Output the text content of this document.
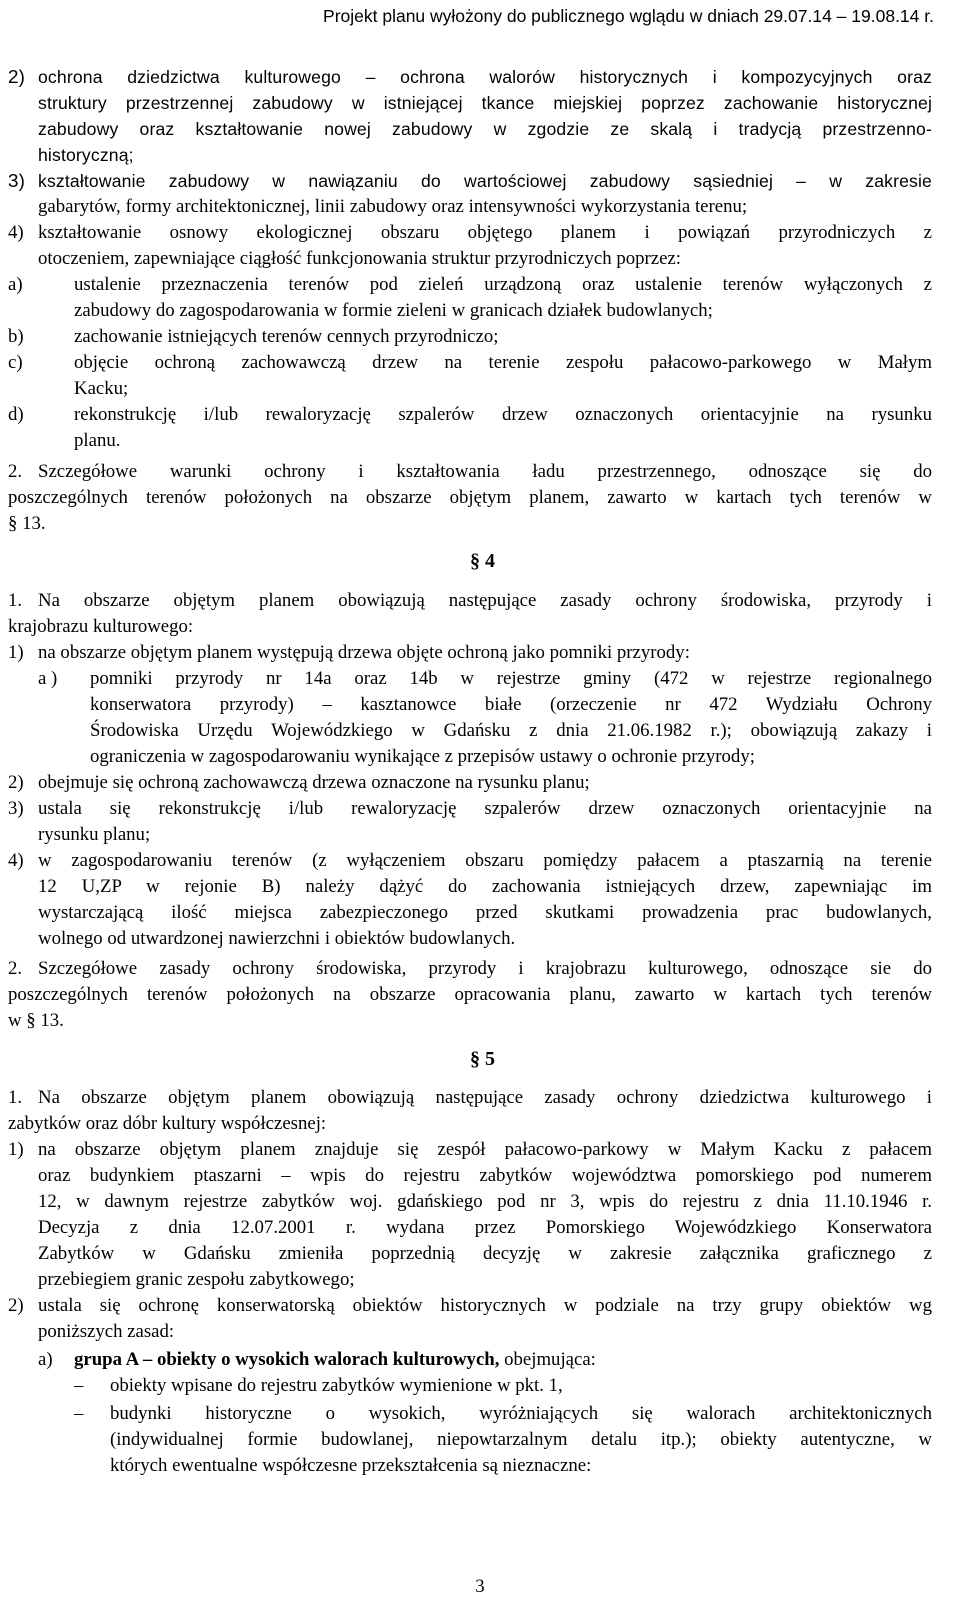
Projekt planu wyłożony do publicznego wglądu w dniach 29.07.14 – 19.08.14 r.
2) ochrona dziedzictwa kulturowego – ochrona walorów historycznych i kompozycyjnych oraz
struktury przestrzennej zabudowy w istniejącej tkance miejskiej poprzez zachowanie historycznej
zabudowy oraz kształtowanie nowej zabudowy w zgodzie ze skalą i tradycją przestrzenno-
historyczną;
3) kształtowanie zabudowy w nawiązaniu do wartościowej zabudowy sąsiedniej – w zakresie
gabarytów, formy architektonicznej, linii zabudowy oraz intensywności wykorzystania terenu;
4) kształtowanie osnowy ekologicznej obszaru objętego planem i powiązań przyrodniczych z
otoczeniem, zapewniające ciągłość funkcjonowania struktur przyrodniczych poprzez:
a)	ustalenie przeznaczenia terenów pod zieleń urządzoną oraz ustalenie terenów wyłączonych z
zabudowy do zagospodarowania w formie zieleni w granicach działek budowlanych;
b)	zachowanie istniejących terenów cennych przyrodniczo;
c)	objęcie ochroną zachowawczą drzew na terenie zespołu pałacowo-parkowego w Małym
Kacku;
d)	rekonstrukcję i/lub rewaloryzację szpalerów drzew oznaczonych orientacyjnie na rysunku
planu.
2. Szczegółowe warunki ochrony i kształtowania ładu przestrzennego, odnoszące się do
poszczególnych terenów położonych na obszarze objętym planem, zawarto w kartach tych terenów w
§ 13.
§ 4
1. Na obszarze objętym planem obowiązują następujące zasady ochrony środowiska, przyrody i
krajobrazu kulturowego:
1) na obszarze objętym planem występują drzewa objęte ochroną jako pomniki przyrody:
a ) pomniki przyrody nr 14a oraz 14b w rejestrze gminy (472 w rejestrze regionalnego
konserwatora przyrody) – kasztanowce białe (orzeczenie nr 472 Wydziału Ochrony
Środowiska Urzędu Wojewódzkiego w Gdańsku z dnia 21.06.1982 r.); obowiązują zakazy i
ograniczenia w zagospodarowaniu wynikające z przepisów ustawy o ochronie przyrody;
2) obejmuje się ochroną zachowawczą drzewa oznaczone na rysunku planu;
3) ustala się rekonstrukcję i/lub rewaloryzację szpalerów drzew oznaczonych orientacyjnie na
rysunku planu;
4) w zagospodarowaniu terenów (z wyłączeniem obszaru pomiędzy pałacem a ptaszarnią na terenie
12 U,ZP w rejonie B) należy dążyć do zachowania istniejących drzew, zapewniając im
wystarczającą ilość miejsca zabezpieczonego przed skutkami prowadzenia prac budowlanych,
wolnego od utwardzonej nawierzchni i obiektów budowlanych.
2. Szczegółowe zasady ochrony środowiska, przyrody i krajobrazu kulturowego, odnoszące sie do
poszczególnych terenów położonych na obszarze opracowania planu, zawarto w kartach tych terenów
w § 13.
§ 5
1. Na obszarze objętym planem obowiązują następujące zasady ochrony dziedzictwa kulturowego i
zabytków oraz dóbr kultury współczesnej:
1) na obszarze objętym planem znajduje się zespół pałacowo-parkowy w Małym Kacku z pałacem
oraz budynkiem ptaszarni – wpis do rejestru zabytków województwa pomorskiego pod numerem
12, w dawnym rejestrze zabytków woj. gdańskiego pod nr 3, wpis do rejestru z dnia 11.10.1946 r.
Decyzja z dnia 12.07.2001 r. wydana przez Pomorskiego Wojewódzkiego Konserwatora
Zabytków w Gdańsku zmieniła poprzednią decyzję w zakresie załącznika graficznego z
przebiegiem granic zespołu zabytkowego;
2) ustala się ochronę konserwatorską obiektów historycznych w podziale na trzy grupy obiektów wg
poniższych zasad:
a) grupa A – obiekty o wysokich walorach kulturowych, obejmująca:
– obiekty wpisane do rejestru zabytków wymienione w pkt. 1,
– budynki historyczne o wysokich, wyróżniających się walorach architektonicznych
(indywidualnej formie budowlanej, niepowtarzalnym detalu itp.); obiekty autentyczne, w
których ewentualne współczesne przekształcenia są nieznaczne:
3
